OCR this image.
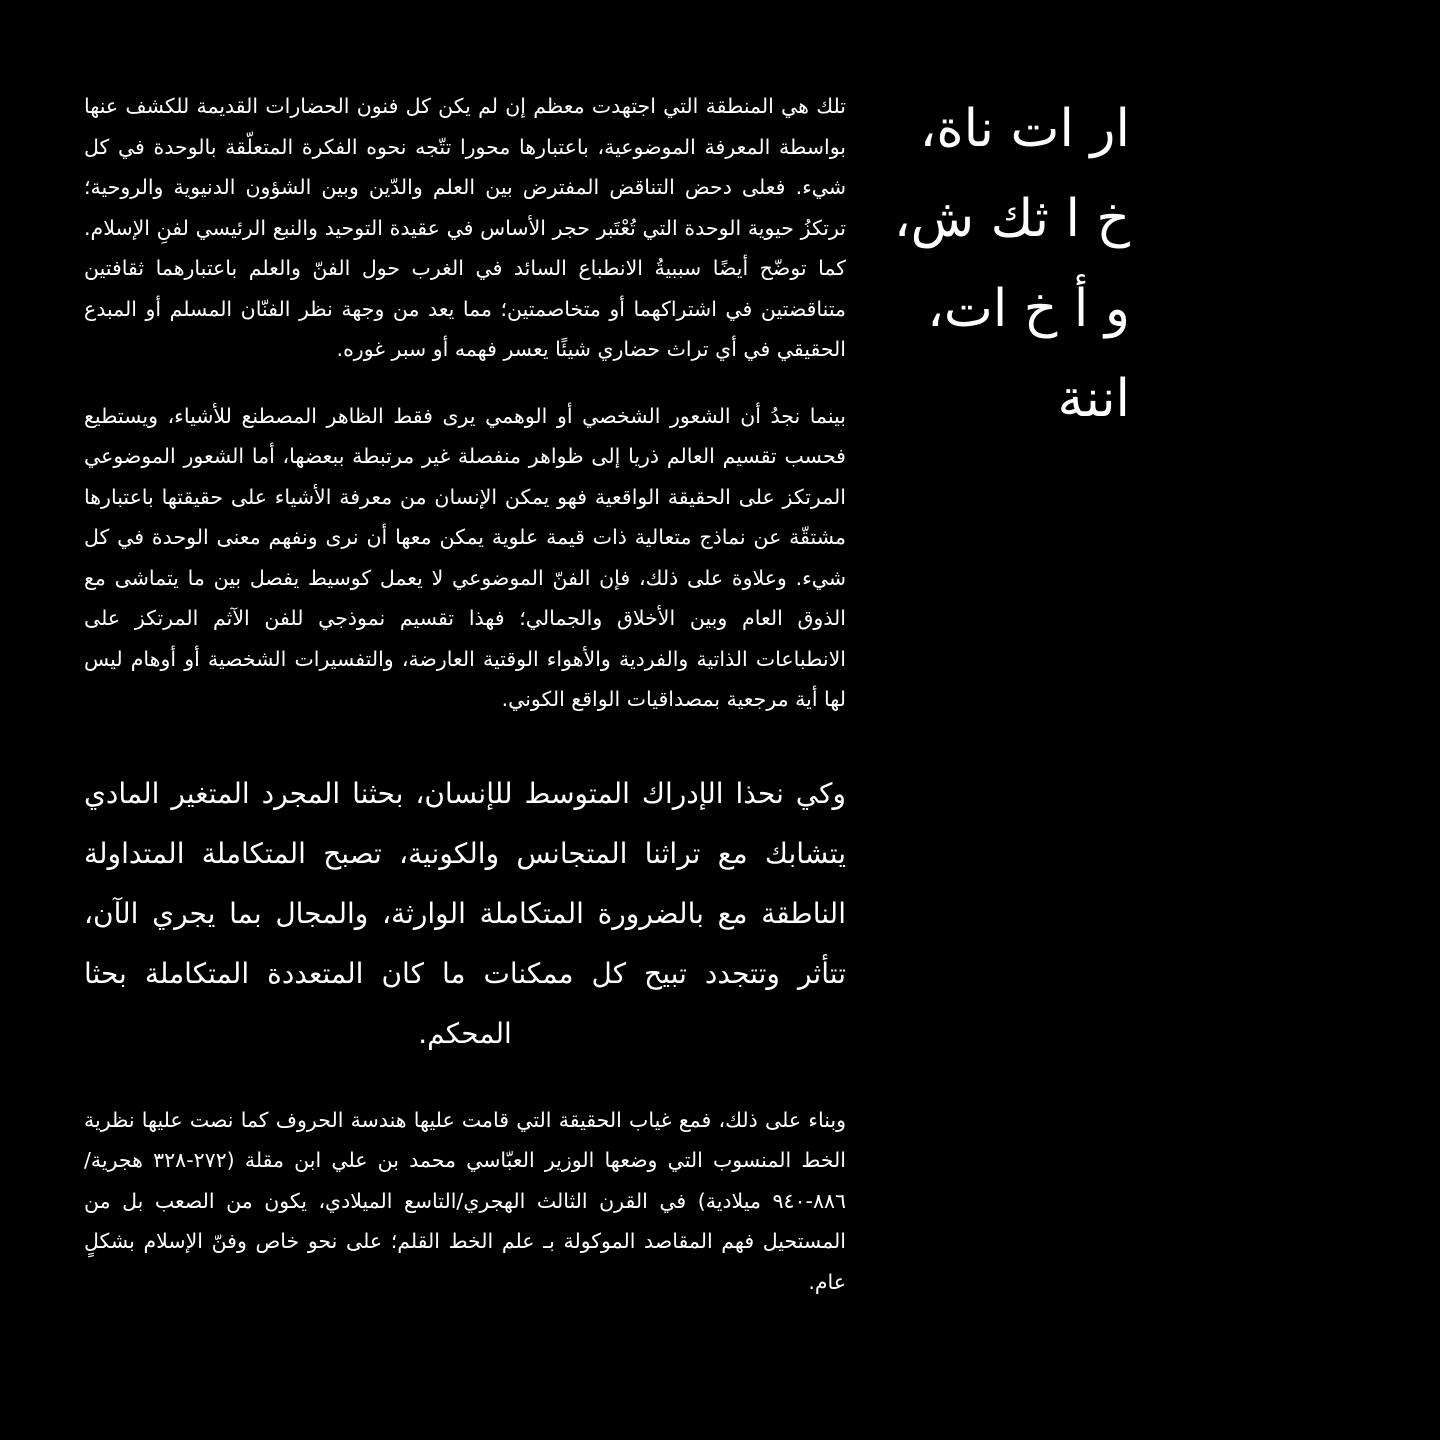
ار ات ناة،
خ ا ثك ش،
و أ خ ات،
اننة

تلك هي المنطقة التي اجتهدت معظم إن لم يكن كل فنون الحضارات القديمة للكشف عنها بواسطة المعرفة الموضوعية، باعتبارها محورا تتّجه نحوه الفكرة المتعلّقة بالوحدة في كل شيء. فعلى دحض التناقض المفترض بين العلم والدّين وبين الشؤون الدنيوية والروحية؛ ترتكزُ حيوية الوحدة التي تُعْتَبر حجر الأساس في عقيدة التوحيد والنبع الرئيسي لفنِ الإسلام. كما توضّح أيضًا سببيةُ الانطباع السائد في الغرب حول الفنّ والعلم باعتبارهما ثقافتين متناقضتين في اشتراكهما أو متخاصمتين؛ مما يعد من وجهة نظر الفنّان المسلم أو المبدع الحقيقي في أي تراث حضاري شيئًا يعسر فهمه أو سبر غوره.

بينما نجدُ أن الشعور الشخصي أو الوهمي يرى فقط الظاهر المصطنع للأشياء، ويستطيع فحسب تقسيم العالم ذريا إلى ظواهر منفصلة غير مرتبطة ببعضها، أما الشعور الموضوعي المرتكز على الحقيقة الواقعية فهو يمكن الإنسان من معرفة الأشياء على حقيقتها باعتبارها مشتقّة عن نماذج متعالية ذات قيمة علوية يمكن معها أن نرى ونفهم معنى الوحدة في كل شيء. وعلاوة على ذلك، فإن الفنّ الموضوعي لا يعمل كوسيط يفصل بين ما يتماشى مع الذوق العام وبين الأخلاق والجمالي؛ فهذا تقسيم نموذجي للفن الآثم المرتكز على الانطباعات الذاتية والفردية والأهواء الوقتية العارضة، والتفسيرات الشخصية أو أوهام ليس لها أية مرجعية بمصداقيات الواقع الكوني.

وكي نحذا الإدراك المتوسط للإنسان، بحثنا المجرد المتغير المادي يتشابك مع تراثنا المتجانس والكونية، تصبح المتكاملة المتداولة الناطقة مع بالضرورة المتكاملة الوارثة، والمجال بما يجري الآن، تتأثر وتتجدد تبيح كل ممكنات ما كان المتعددة المتكاملة بحثا المحكم.

وبناء على ذلك، فمع غياب الحقيقة التي قامت عليها هندسة الحروف كما نصت عليها نظرية الخط المنسوب التي وضعها الوزير العبّاسي محمد بن علي ابن مقلة (٢٧٢-٣٢٨ هجرية/٨٨٦-٩٤٠ ميلادية) في القرن الثالث الهجري/التاسع الميلادي، يكون من الصعب بل من المستحيل فهم المقاصد الموكولة بـ علم الخط القلم؛ على نحو خاص وفنّ الإسلام بشكلٍ عام.
